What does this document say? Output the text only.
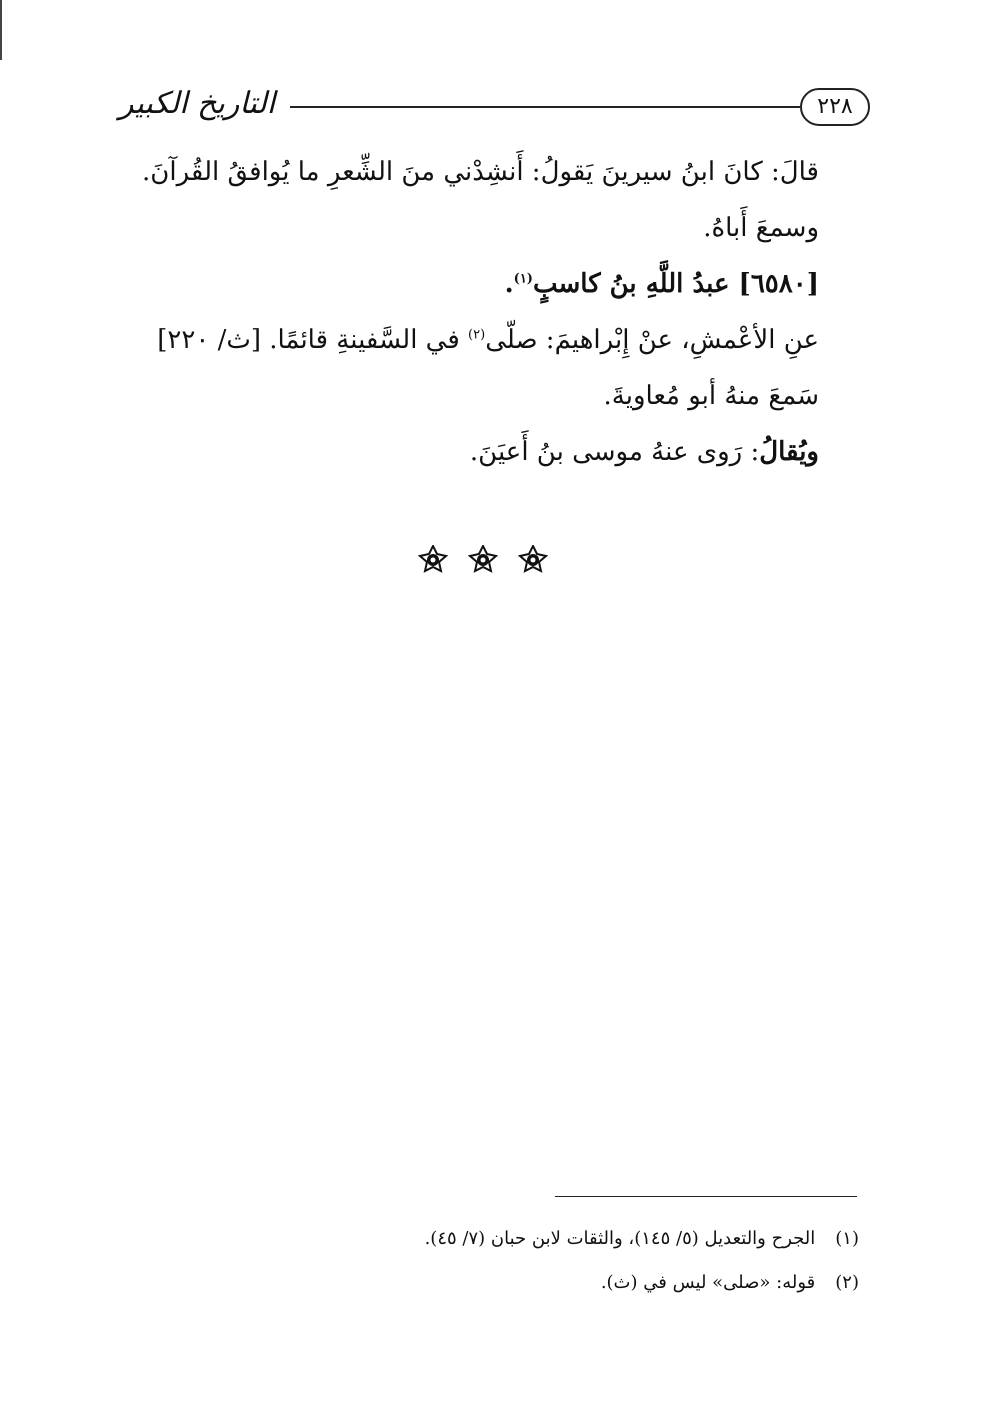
التاريخ الكبير	٢٢٨
قالَ: كانَ ابنُ سيرينَ يَقولُ: أَنشِدْني منَ الشِّعرِ ما يُوافقُ القُرآنَ.
وسمعَ أَباهُ.
[٦٥٨٠] عبدُ اللَّهِ بنُ كاسبٍ$^{(١)}$.
عنِ الأعْمشِ، عنْ إِبْراهيمَ: صلّى$^{(٢)}$ في السَّفينةِ قائمًا. [ث/ ٢٢٠]
سَمعَ منهُ أبو مُعاويةَ.
ويُقالُ: رَوى عنهُ موسى بنُ أَعيَنَ.
(١) الجرح والتعديل (٥/ ١٤٥)، والثقات لابن حبان (٧/ ٤٥).
(٢) قوله: «صلى» ليس في (ث).
